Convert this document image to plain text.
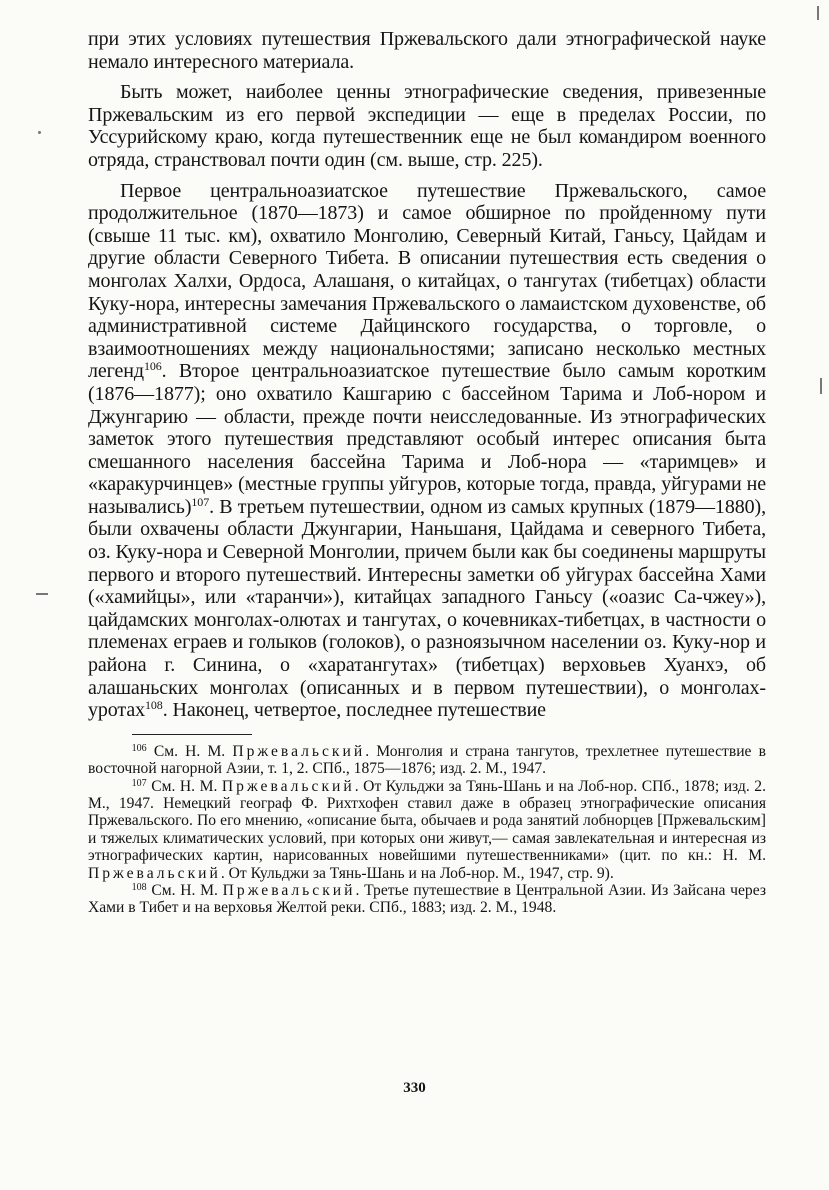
при этих условиях путешествия Пржевальского дали этнографической науке немало интересного материала.

Быть может, наиболее ценны этнографические сведения, привезенные Пржевальским из его первой экспедиции — еще в пределах России, по Уссурийскому краю, когда путешественник еще не был командиром военного отряда, странствовал почти один (см. выше, стр. 225).

Первое центральноазиатское путешествие Пржевальского, самое продолжительное (1870—1873) и самое обширное по пройденному пути (свыше 11 тыс. км), охватило Монголию, Северный Китай, Ганьсу, Цайдам и другие области Северного Тибета. В описании путешествия есть сведения о монголах Халхи, Ордоса, Алашаня, о китайцах, о тангутах (тибетцах) области Куку-нора, интересны замечания Пржевальского о ламаистском духовенстве, об административной системе Дайцинского государства, о торговле, о взаимоотношениях между национальностями; записано несколько местных легенд$^{106}$. Второе центральноазиатское путешествие было самым коротким (1876—1877); оно охватило Кашгарию с бассейном Тарима и Лоб-нором и Джунгарию — области, прежде почти неисследованные. Из этнографических заметок этого путешествия представляют особый интерес описания быта смешанного населения бассейна Тарима и Лоб-нора — «таримцев» и «каракурчинцев» (местные группы уйгуров, которые тогда, правда, уйгурами не назывались)$^{107}$. В третьем путешествии, одном из самых крупных (1879—1880), были охвачены области Джунгарии, Наньшаня, Цайдама и северного Тибета, оз. Куку-нора и Северной Монголии, причем были как бы соединены маршруты первого и второго путешествий. Интересны заметки об уйгурах бассейна Хами («хамийцы», или «таранчи»), китайцах западного Ганьсу («оазис Са-чжеу»), цайдамских монголах-олютах и тангутах, о кочевниках-тибетцах, в частности о племенах еграев и голыков (голоков), о разноязычном населении оз. Куку-нор и района г. Синина, о «харатангутах» (тибетцах) верховьев Хуанхэ, об алашаньских монголах (описанных и в первом путешествии), о монголах-уротах$^{108}$. Наконец, четвертое, последнее путешествие

$^{106}$ См. Н. М. Пржевальский. Монголия и страна тангутов, трехлетнее путешествие в восточной нагорной Азии, т. 1, 2. СПб., 1875—1876; изд. 2. М., 1947.

$^{107}$ См. Н. М. Пржевальский. От Кульджи за Тянь-Шань и на Лоб-нор. СПб., 1878; изд. 2. М., 1947. Немецкий географ Ф. Рихтхофен ставил даже в образец этнографические описания Пржевальского. По его мнению, «описание быта, обычаев и рода занятий лобнорцев [Пржевальским] и тяжелых климатических условий, при которых они живут,— самая завлекательная и интересная из этнографических картин, нарисованных новейшими путешественниками» (цит. по кн.: Н. М. Пржевальский. От Кульджи за Тянь-Шань и на Лоб-нор. М., 1947, стр. 9).

$^{108}$ См. Н. М. Пржевальский. Третье путешествие в Центральной Азии. Из Зайсана через Хами в Тибет и на верховья Желтой реки. СПб., 1883; изд. 2. М., 1948.

330
